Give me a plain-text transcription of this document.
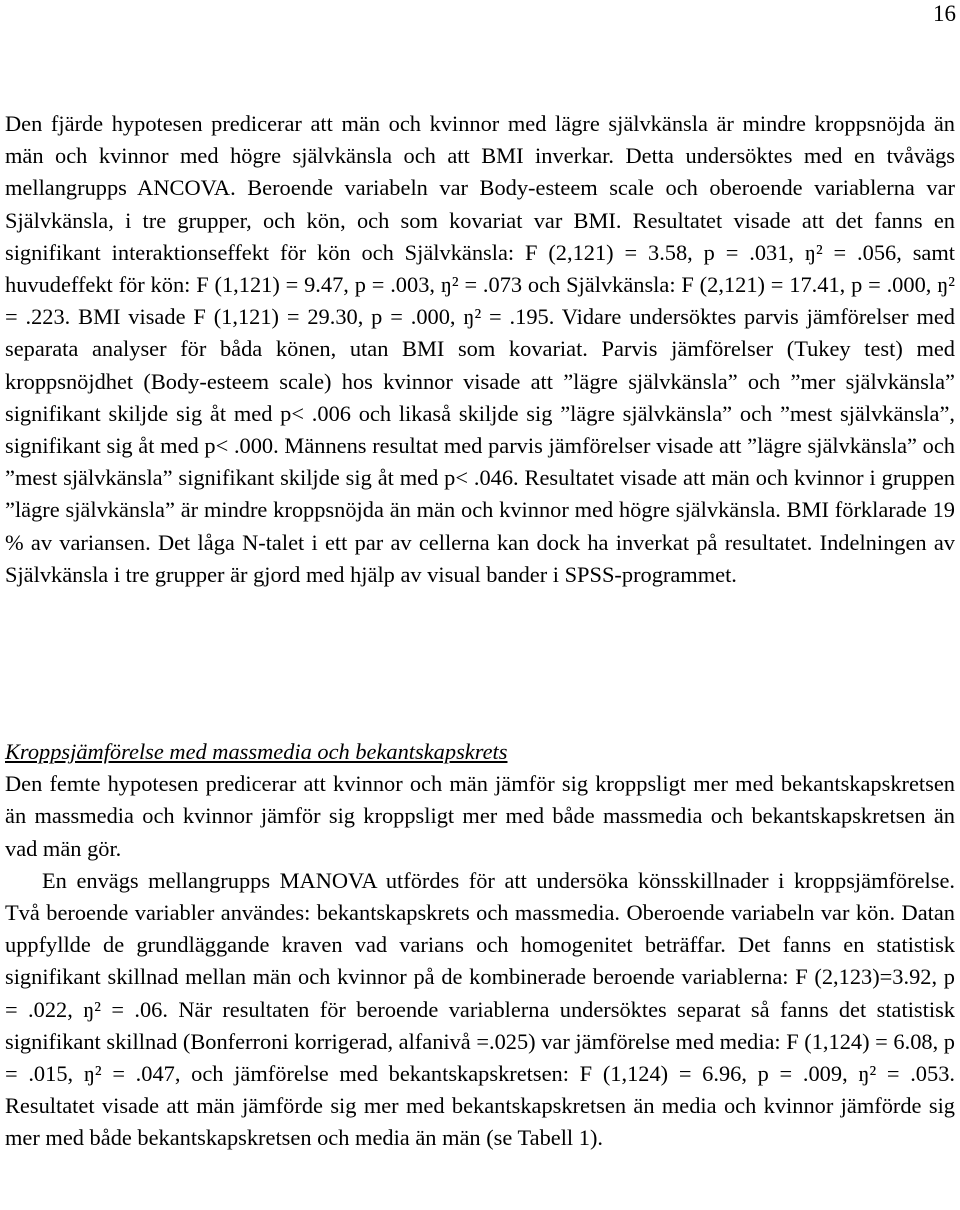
16

Den fjärde hypotesen predicerar att män och kvinnor med lägre självkänsla är mindre kroppsnöjda än män och kvinnor med högre självkänsla och att BMI inverkar. Detta undersöktes med en tvåvägs mellangrupps ANCOVA. Beroende variabeln var Body-esteem scale och oberoende variablerna var Självkänsla, i tre grupper, och kön, och som kovariat var BMI. Resultatet visade att det fanns en signifikant interaktionseffekt för kön och Självkänsla: F (2,121) = 3.58, p = .031, ŋ² = .056, samt huvudeffekt för kön: F (1,121) = 9.47, p = .003, ŋ² = .073 och Självkänsla: F (2,121) = 17.41, p = .000, ŋ² = .223. BMI visade F (1,121) = 29.30, p = .000, ŋ² = .195. Vidare undersöktes parvis jämförelser med separata analyser för båda könen, utan BMI som kovariat. Parvis jämförelser (Tukey test) med kroppsnöjdhet (Body-esteem scale) hos kvinnor visade att ”lägre självkänsla” och ”mer självkänsla” signifikant skiljde sig åt med p< .006 och likaså skiljde sig ”lägre självkänsla” och ”mest självkänsla”, signifikant sig åt med p< .000. Männens resultat med parvis jämförelser visade att ”lägre självkänsla” och ”mest självkänsla” signifikant skiljde sig åt med p< .046. Resultatet visade att män och kvinnor i gruppen ”lägre självkänsla” är mindre kroppsnöjda än män och kvinnor med högre självkänsla. BMI förklarade 19 % av variansen. Det låga N-talet i ett par av cellerna kan dock ha inverkat på resultatet. Indelningen av Självkänsla i tre grupper är gjord med hjälp av visual bander i SPSS-programmet.

Kroppsjämförelse med massmedia och bekantskapskrets

Den femte hypotesen predicerar att kvinnor och män jämför sig kroppsligt mer med bekantskapskretsen än massmedia och kvinnor jämför sig kroppsligt mer med både massmedia och bekantskapskretsen än vad män gör.

En envägs mellangrupps MANOVA utfördes för att undersöka könsskillnader i kroppsjämförelse. Två beroende variabler användes: bekantskapskrets och massmedia. Oberoende variabeln var kön. Datan uppfyllde de grundläggande kraven vad varians och homogenitet beträffar. Det fanns en statistisk signifikant skillnad mellan män och kvinnor på de kombinerade beroende variablerna: F (2,123)=3.92, p = .022, ŋ² = .06. När resultaten för beroende variablerna undersöktes separat så fanns det statistisk signifikant skillnad (Bonferroni korrigerad, alfanivå =.025) var jämförelse med media: F (1,124) = 6.08, p = .015, ŋ² = .047, och jämförelse med bekantskapskretsen: F (1,124) = 6.96, p = .009, ŋ² = .053. Resultatet visade att män jämförde sig mer med bekantskapskretsen än media och kvinnor jämförde sig mer med både bekantskapskretsen och media än män (se Tabell 1).
